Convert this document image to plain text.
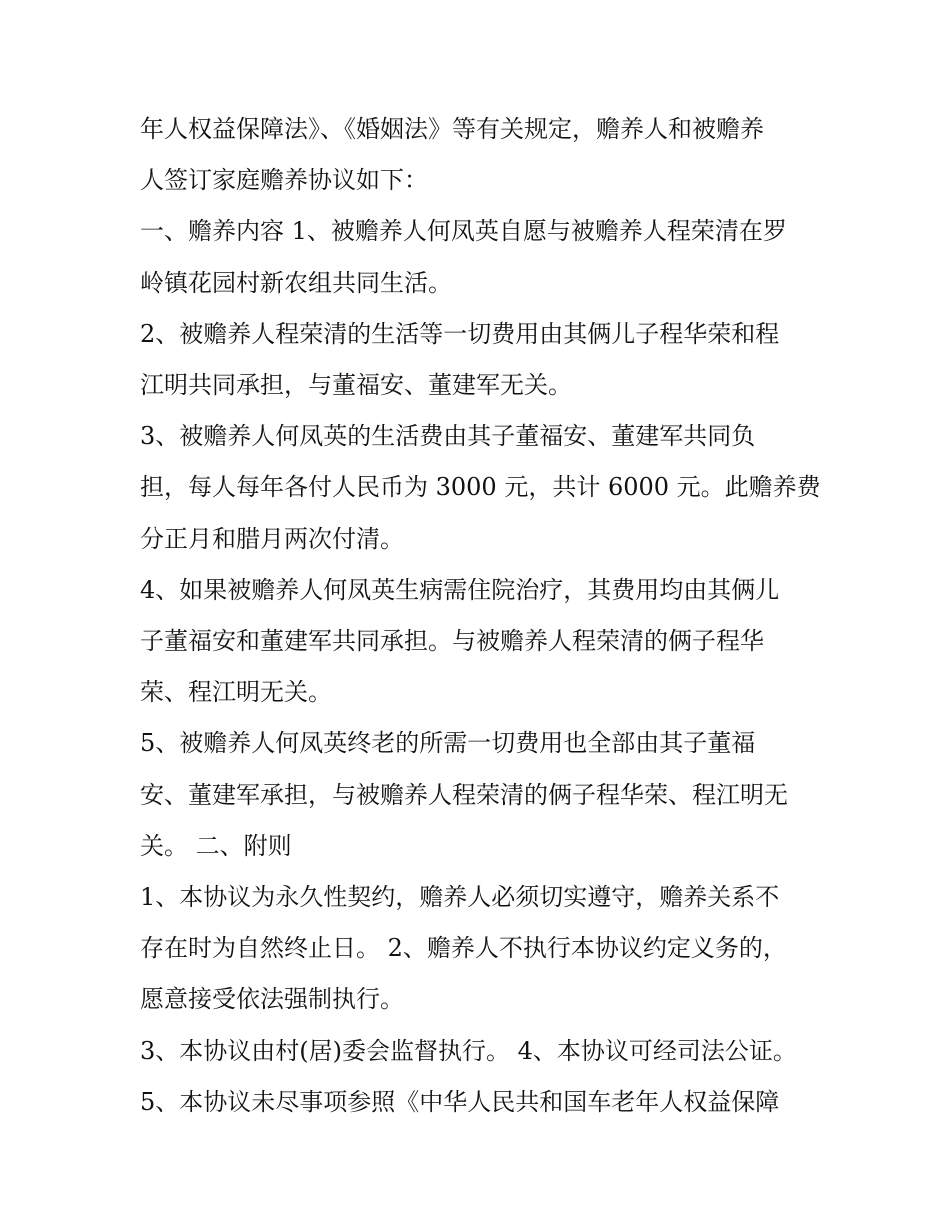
年人权益保障法》、《婚姻法》等有关规定，赡养人和被赡养

人签订家庭赡养协议如下：

一、赡养内容 1、被赡养人何凤英自愿与被赡养人程荣清在罗

岭镇花园村新农组共同生活。

2、被赡养人程荣清的生活等一切费用由其俩儿子程华荣和程

江明共同承担，与董福安、董建军无关。

3、被赡养人何凤英的生活费由其子董福安、董建军共同负

担，每人每年各付人民币为 3000 元，共计 6000 元。此赡养费

分正月和腊月两次付清。

4、如果被赡养人何凤英生病需住院治疗，其费用均由其俩儿

子董福安和董建军共同承担。与被赡养人程荣清的俩子程华

荣、程江明无关。

5、被赡养人何凤英终老的所需一切费用也全部由其子董福

安、董建军承担，与被赡养人程荣清的俩子程华荣、程江明无

关。 二、附则

1、本协议为永久性契约，赡养人必须切实遵守，赡养关系不

存在时为自然终止日。 2、赡养人不执行本协议约定义务的，

愿意接受依法强制执行。

3、本协议由村(居)委会监督执行。 4、本协议可经司法公证。

5、本协议未尽事项参照《中华人民共和国车老年人权益保障
